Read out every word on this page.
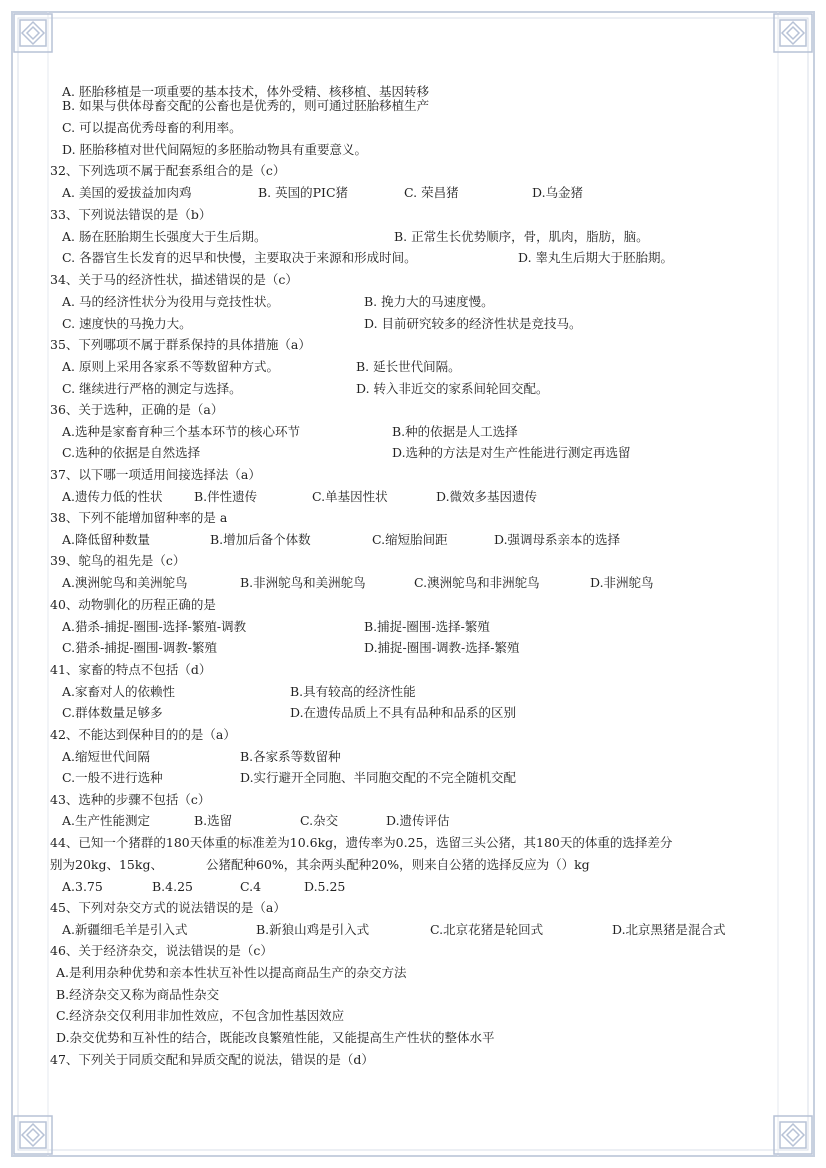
A. 胚胎移植是一项重要的基本技术，体外受精、核移植、基因转移
B. 如果与供体母畜交配的公畜也是优秀的，则可通过胚胎移植生产
C. 可以提高优秀母畜的利用率。
D. 胚胎移植对世代间隔短的多胚胎动物具有重要意义。
32、下列选项不属于配套系组合的是（c）
A. 美国的爱拔益加肉鸡	B. 英国的PIC猪	C. 荣昌猪	D.乌金猪
33、下列说法错误的是（b）
A. 肠在胚胎期生长强度大于生后期。	B. 正常生长优势顺序，骨，肌肉，脂肪，脑。
C. 各器官生长发育的迟早和快慢，主要取决于来源和形成时间。	D. 睾丸生后期大于胚胎期。
34、关于马的经济性状，描述错误的是（c）
A. 马的经济性状分为役用与竞技性状。	B. 挽力大的马速度慢。
C. 速度快的马挽力大。	D. 目前研究较多的经济性状是竞技马。
35、下列哪项不属于群系保持的具体措施（a）
A. 原则上采用各家系不等数留种方式。	B. 延长世代间隔。
C. 继续进行严格的测定与选择。	D. 转入非近交的家系间轮回交配。
36、关于选种，正确的是（a）
A.选种是家畜育种三个基本环节的核心环节	B.种的依据是人工选择
C.选种的依据是自然选择	D.选种的方法是对生产性能进行测定再选留
37、以下哪一项适用间接选择法（a）
A.遗传力低的性状	B.伴性遗传	C.单基因性状	D.微效多基因遗传
38、下列不能增加留种率的是 a
A.降低留种数量	B.增加后备个体数	C.缩短胎间距	D.强调母系亲本的选择
39、鸵鸟的祖先是（c）
A.澳洲鸵鸟和美洲鸵鸟	B.非洲鸵鸟和美洲鸵鸟	C.澳洲鸵鸟和非洲鸵鸟	D.非洲鸵鸟
40、动物驯化的历程正确的是
A.猎杀-捕捉-圈围-选择-繁殖-调教	B.捕捉-圈围-选择-繁殖
C.猎杀-捕捉-圈围-调教-繁殖	D.捕捉-圈围-调教-选择-繁殖
41、家畜的特点不包括（d）
A.家畜对人的依赖性	B.具有较高的经济性能
C.群体数量足够多	D.在遗传品质上不具有品种和品系的区别
42、不能达到保种目的的是（a）
A.缩短世代间隔	B.各家系等数留种
C.一般不进行选种	D.实行避开全同胞、半同胞交配的不完全随机交配
43、选种的步骤不包括（c）
A.生产性能测定	B.选留	C.杂交	D.遗传评估
44、已知一个猪群的180天体重的标准差为10.6kg，遗传率为0.25，选留三头公猪，其180天的体重的选择差分
别为20kg、15kg、	公猪配种60%，其余两头配种20%，则来自公猪的选择反应为（）kg
A.3.75	B.4.25	C.4	D.5.25
45、下列对杂交方式的说法错误的是（a）
A.新疆细毛羊是引入式	B.新狼山鸡是引入式	C.北京花猪是轮回式	D.北京黑猪是混合式
46、关于经济杂交，说法错误的是（c）
A.是利用杂种优势和亲本性状互补性以提高商品生产的杂交方法
B.经济杂交又称为商品性杂交
C.经济杂交仅利用非加性效应，不包含加性基因效应
D.杂交优势和互补性的结合，既能改良繁殖性能，又能提高生产性状的整体水平
47、下列关于同质交配和异质交配的说法，错误的是（d）
